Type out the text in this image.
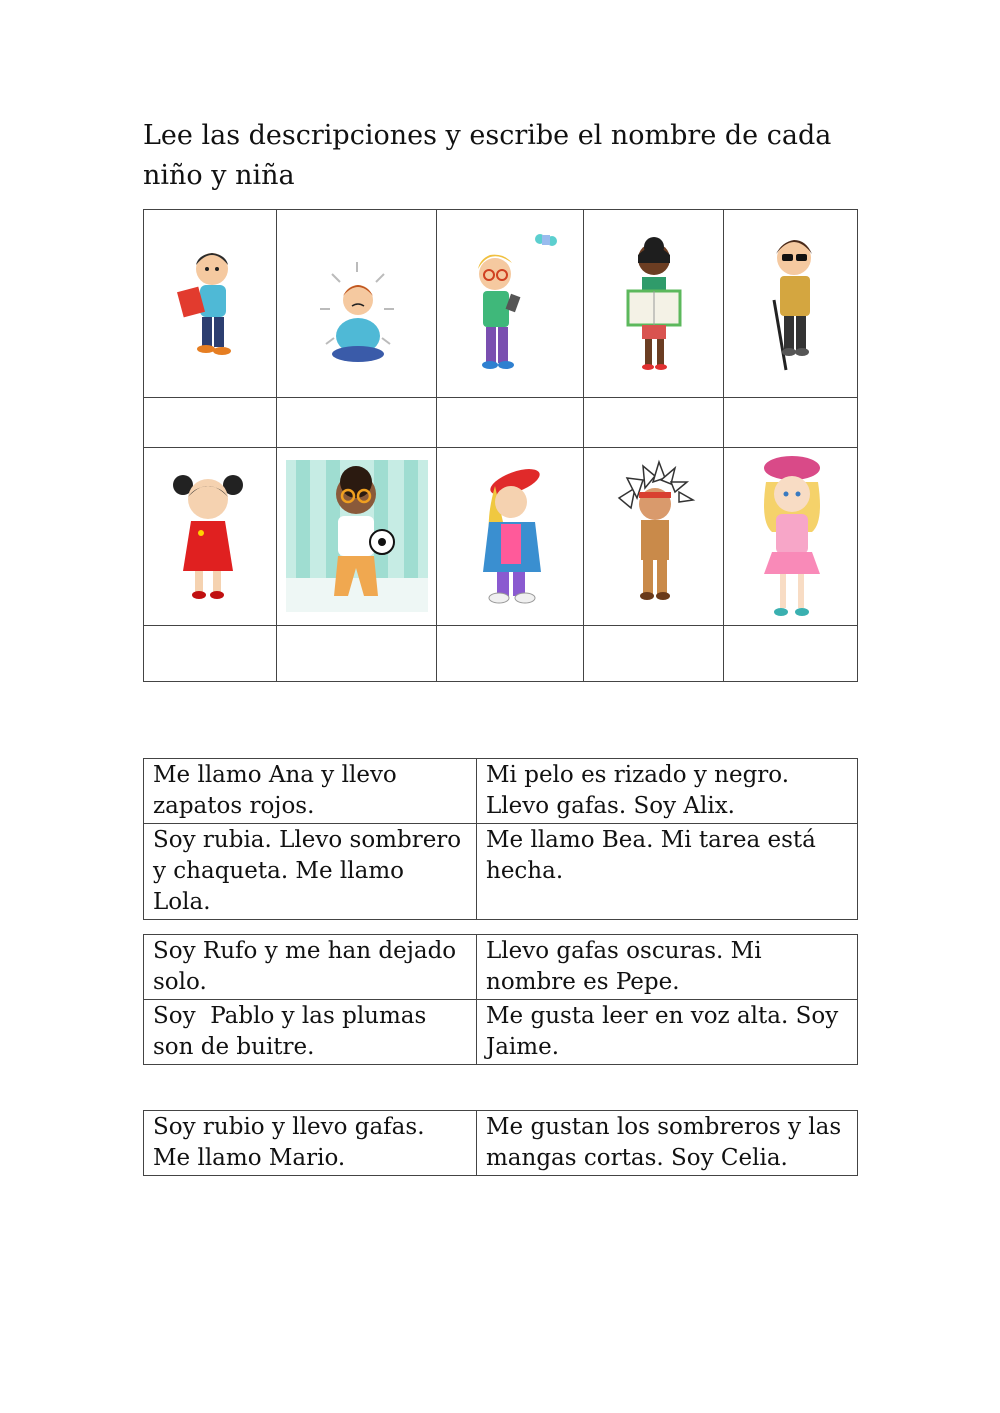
Lee las descripciones y escribe el nombre de cada niño y niña

Me llamo Ana y llevo zapatos rojos.	Mi pelo es rizado y negro. Llevo gafas. Soy Alix.
Soy rubia. Llevo sombrero y chaqueta. Me llamo Lola.	Me llamo Bea. Mi tarea está hecha.
Soy Rufo y me han dejado solo.	Llevo gafas oscuras. Mi nombre es Pepe.
Soy  Pablo y las plumas son de buitre.	Me gusta leer en voz alta. Soy Jaime.
Soy rubio y llevo gafas. Me llamo Mario.	Me gustan los sombreros y las mangas cortas. Soy Celia.
